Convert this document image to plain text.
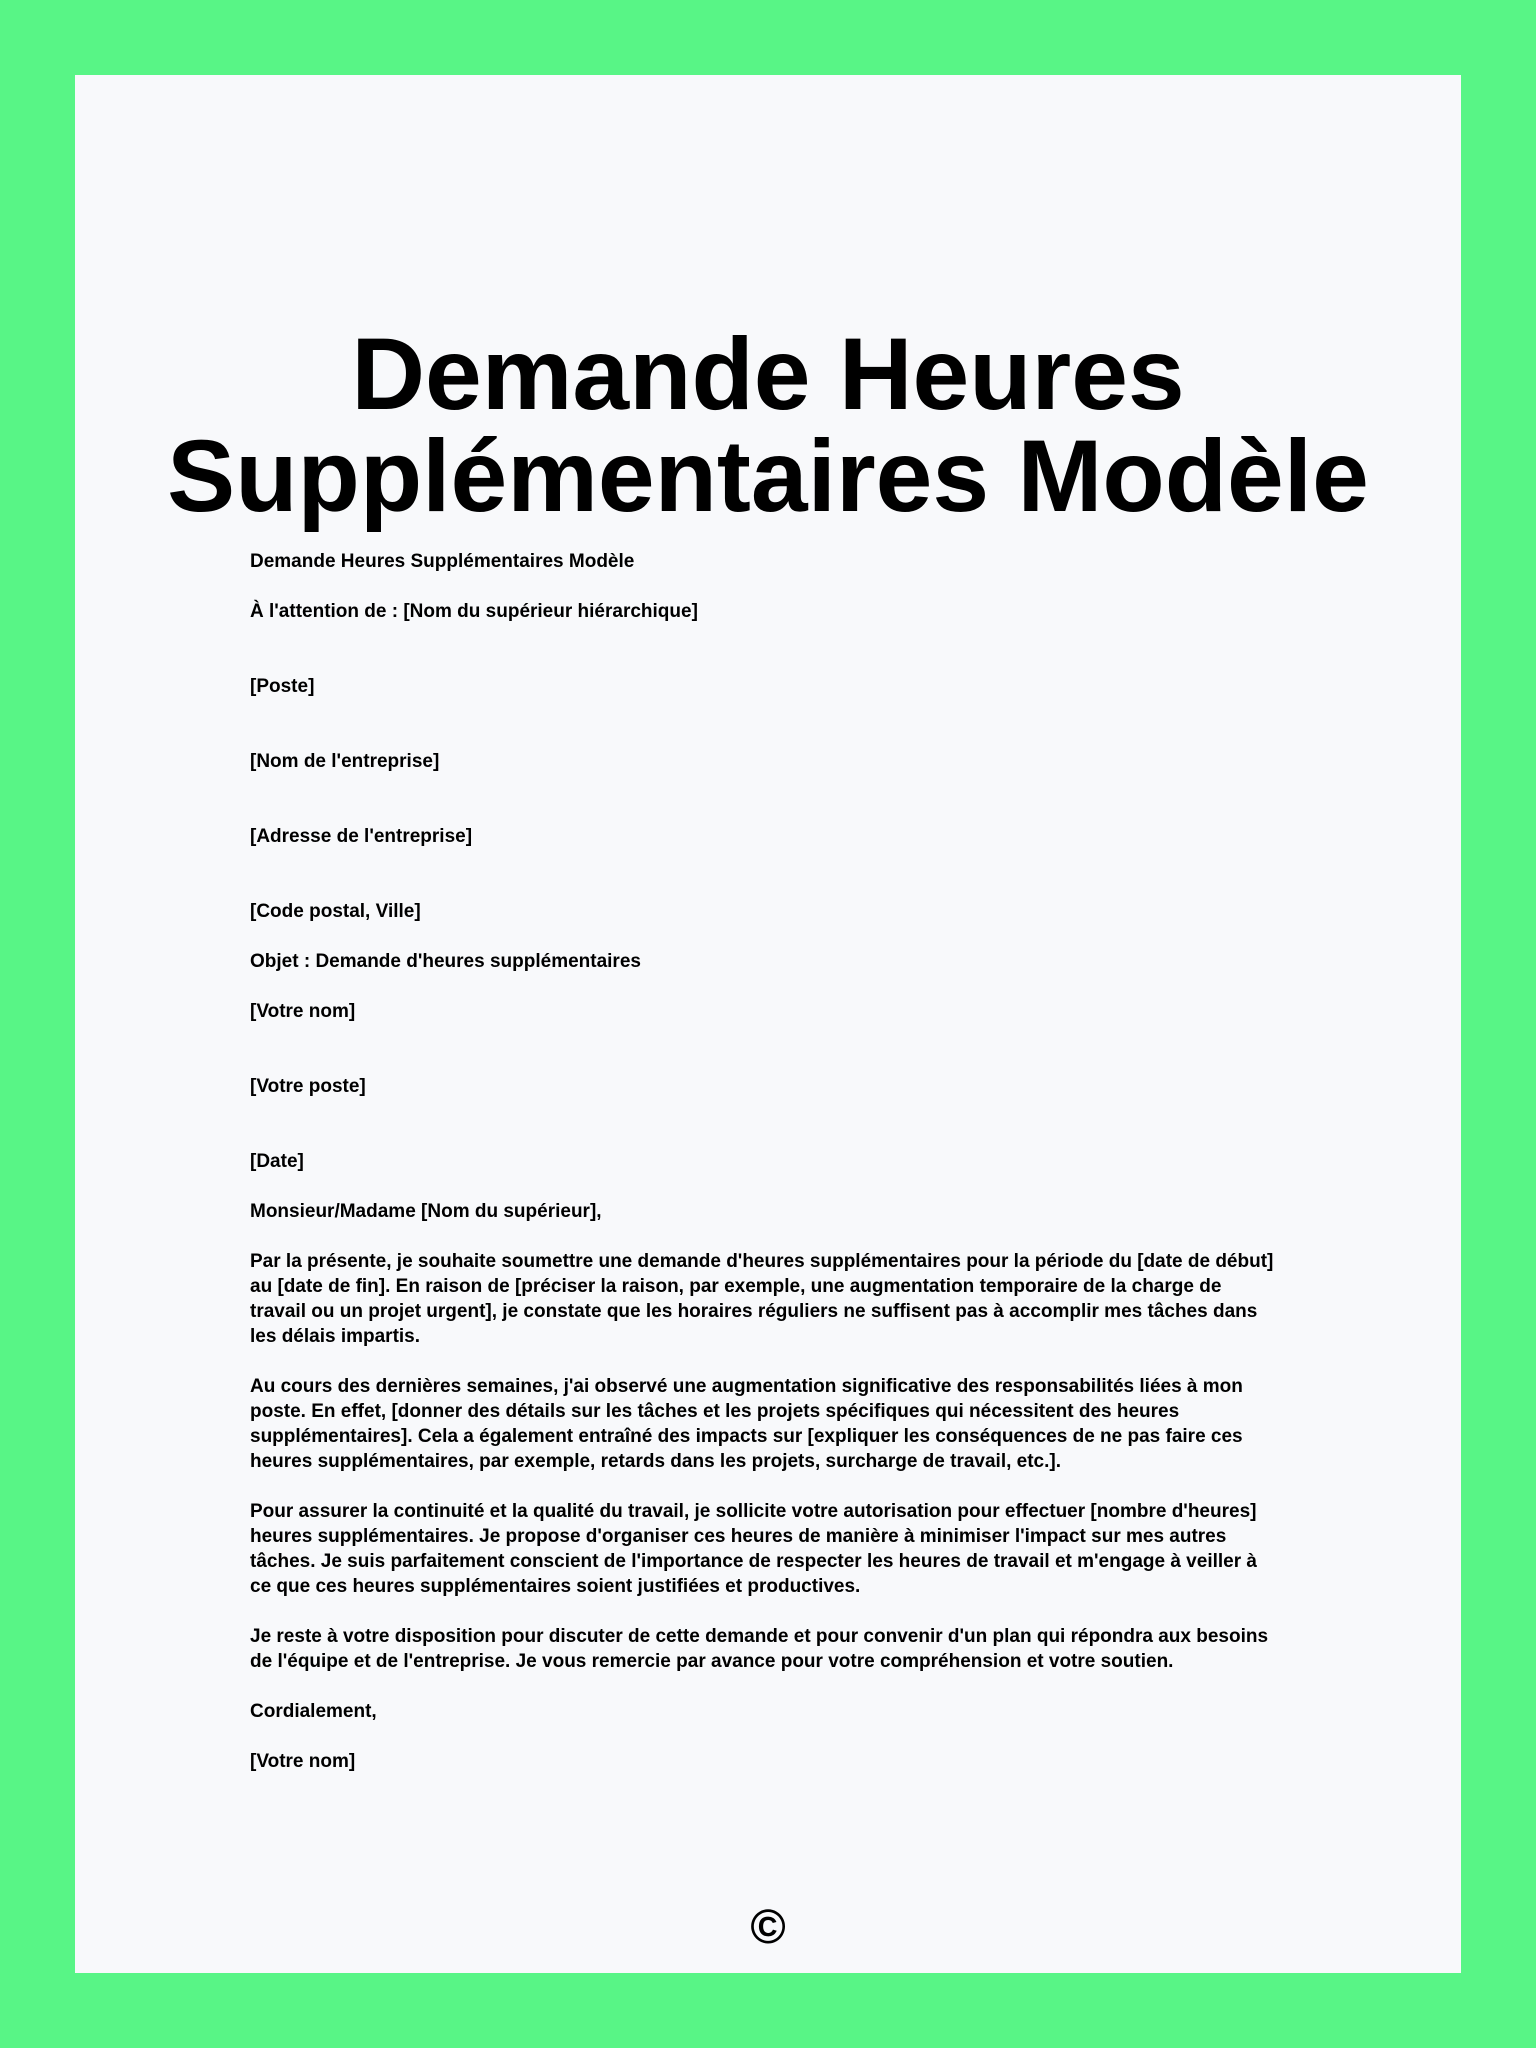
Demande Heures
Supplémentaires Modèle

Demande Heures Supplémentaires Modèle

À l'attention de : [Nom du supérieur hiérarchique]

[Poste]

[Nom de l'entreprise]

[Adresse de l'entreprise]

[Code postal, Ville]

Objet : Demande d'heures supplémentaires

[Votre nom]

[Votre poste]

[Date]

Monsieur/Madame [Nom du supérieur],

Par la présente, je souhaite soumettre une demande d'heures supplémentaires pour la période du [date de début] au [date de fin]. En raison de [préciser la raison, par exemple, une augmentation temporaire de la charge de travail ou un projet urgent], je constate que les horaires réguliers ne suffisent pas à accomplir mes tâches dans les délais impartis.

Au cours des dernières semaines, j'ai observé une augmentation significative des responsabilités liées à mon poste. En effet, [donner des détails sur les tâches et les projets spécifiques qui nécessitent des heures supplémentaires]. Cela a également entraîné des impacts sur [expliquer les conséquences de ne pas faire ces heures supplémentaires, par exemple, retards dans les projets, surcharge de travail, etc.].

Pour assurer la continuité et la qualité du travail, je sollicite votre autorisation pour effectuer [nombre d'heures] heures supplémentaires. Je propose d'organiser ces heures de manière à minimiser l'impact sur mes autres tâches. Je suis parfaitement conscient de l'importance de respecter les heures de travail et m'engage à veiller à ce que ces heures supplémentaires soient justifiées et productives.

Je reste à votre disposition pour discuter de cette demande et pour convenir d'un plan qui répondra aux besoins de l'équipe et de l'entreprise. Je vous remercie par avance pour votre compréhension et votre soutien.

Cordialement,

[Votre nom]

©
